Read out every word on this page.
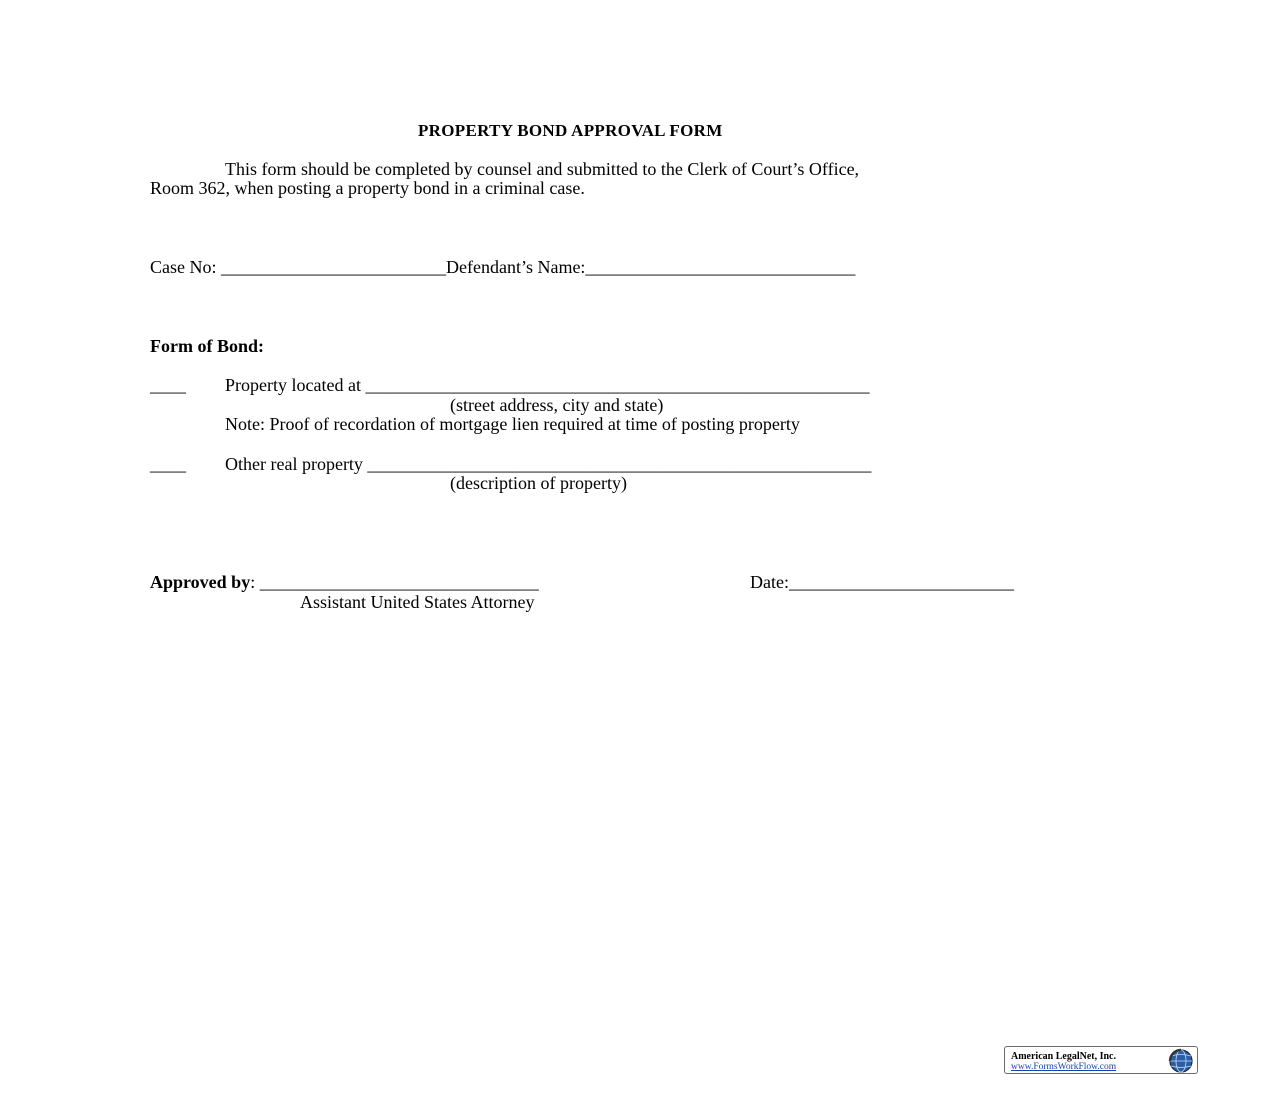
PROPERTY BOND APPROVAL FORM
This form should be completed by counsel and submitted to the Clerk of Court’s Office,
Room 362, when posting a property bond in a criminal case.
Case No: _________________________Defendant’s Name:______________________________
Form of Bond:
____ Property located at ________________________________________________________
(street address, city and state)
Note: Proof of recordation of mortgage lien required at time of posting property
____ Other real property ________________________________________________________
(description of property)
Approved by: _______________________________	Date:_________________________
Assistant United States Attorney
American LegalNet, Inc.
www.FormsWorkFlow.com
